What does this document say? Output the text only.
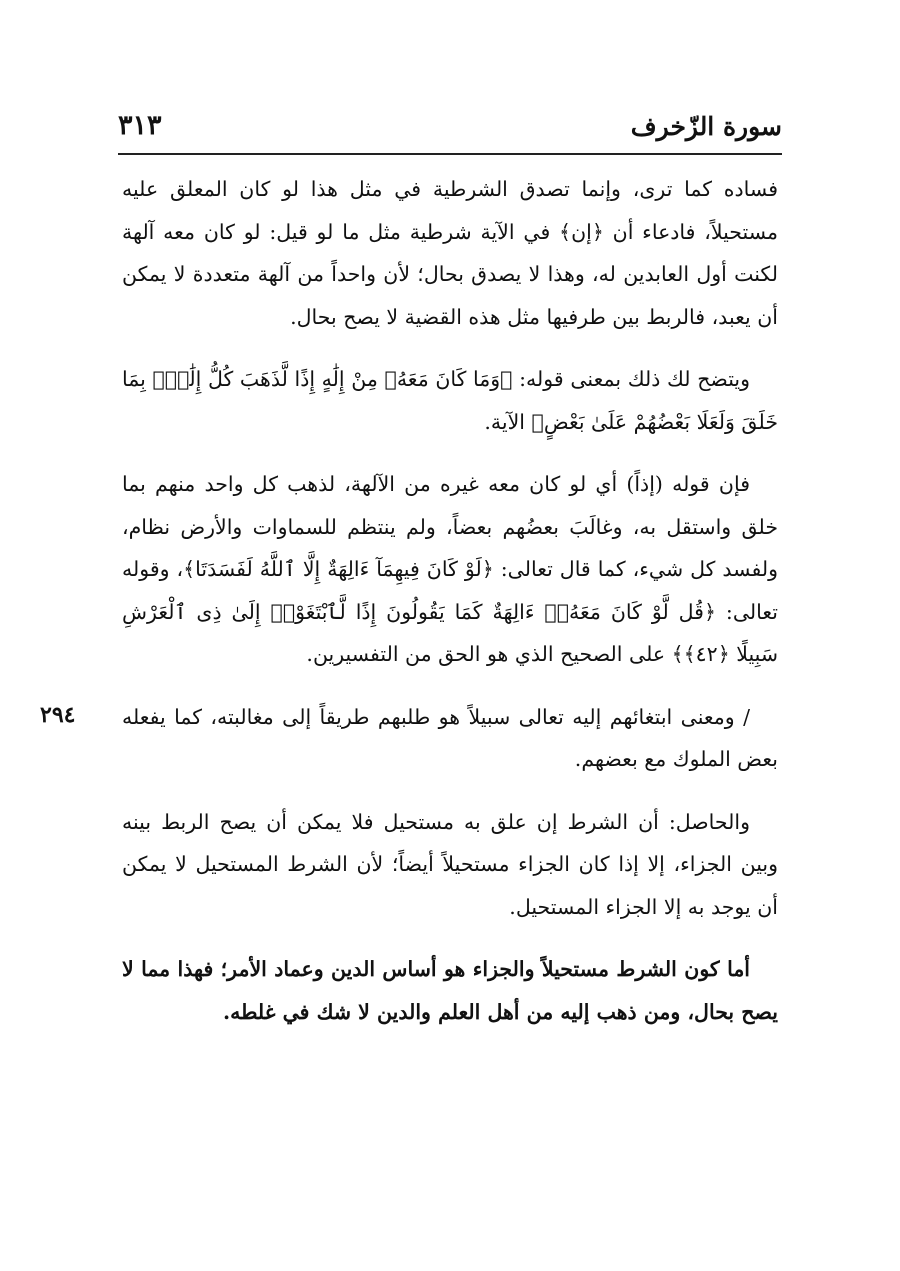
سورة الزّخرف
٣١٣

فساده كما ترى، وإنما تصدق الشرطية في مثل هذا لو كان المعلق عليه مستحيلاً، فادعاء أن ﴿إن﴾ في الآية شرطية مثل ما لو قيل: لو كان معه آلهة لكنت أول العابدين له، وهذا لا يصدق بحال؛ لأن واحداً من آلهة متعددة لا يمكن أن يعبد، فالربط بين طرفيها مثل هذه القضية لا يصح بحال.

ويتضح لك ذلك بمعنى قوله: ﴿وَمَا كَانَ مَعَهُۥ مِنْ إِلَٰهٍ إِذًا لَّذَهَبَ كُلُّ إِلَٰهٍۭ بِمَا خَلَقَ وَلَعَلَا بَعْضُهُمْ عَلَىٰ بَعْضٍ﴾ الآية.

فإن قوله (إذاً) أي لو كان معه غيره من الآلهة، لذهب كل واحد منهم بما خلق واستقل به، وغالَبَ بعضُهم بعضاً، ولم ينتظم للسماوات والأرض نظام، ولفسد كل شيء، كما قال تعالى: ﴿لَوْ كَانَ فِيهِمَآ ءَالِهَةٌ إِلَّا ٱللَّهُ لَفَسَدَتَا﴾، وقوله تعالى: ﴿قُل لَّوْ كَانَ مَعَهُۥٓ ءَالِهَةٌ كَمَا يَقُولُونَ إِذًا لَّٱبْتَغَوْا۟ إِلَىٰ ذِى ٱلْعَرْشِ سَبِيلًا ﴿٤٢﴾﴾ على الصحيح الذي هو الحق من التفسيرين.

/ ومعنى ابتغائهم إليه تعالى سبيلاً هو طلبهم طريقاً إلى مغالبته، كما يفعله بعض الملوك مع بعضهم.

والحاصل: أن الشرط إن علق به مستحيل فلا يمكن أن يصح الربط بينه وبين الجزاء، إلا إذا كان الجزاء مستحيلاً أيضاً؛ لأن الشرط المستحيل لا يمكن أن يوجد به إلا الجزاء المستحيل.

أما كون الشرط مستحيلاً والجزاء هو أساس الدين وعماد الأمر؛ فهذا مما لا يصح بحال، ومن ذهب إليه من أهل العلم والدين لا شك في غلطه.

٢٩٤
